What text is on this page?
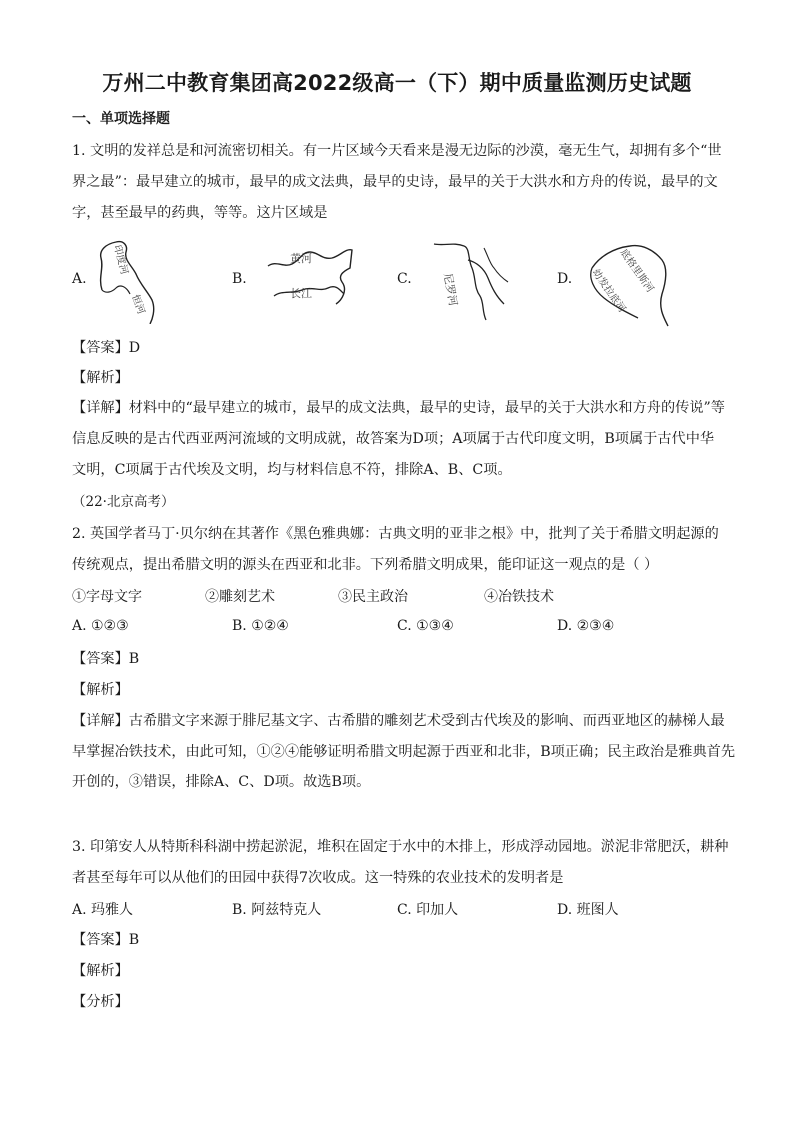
万州二中教育集团高2022级高一（下）期中质量监测历史试题
一、单项选择题
1. 文明的发祥总是和河流密切相关。有一片区域今天看来是漫无边际的沙漠，毫无生气，却拥有多个“世
界之最”：最早建立的城市，最早的成文法典，最早的史诗，最早的关于大洪水和方舟的传说，最早的文
字，甚至最早的药典，等等。这片区域是
A.
印度河
恒河
B.
黄河
长江
C.	尼罗河	D.	底格里斯河
幼发拉底河
【答案】D
【解析】
【详解】材料中的“最早建立的城市，最早的成文法典，最早的史诗，最早的关于大洪水和方舟的传说”等
信息反映的是古代西亚两河流域的文明成就，故答案为D项；A项属于古代印度文明，B项属于古代中华
文明，C项属于古代埃及文明，均与材料信息不符，排除A、B、C项。
（22·北京高考）
2. 英国学者马丁·贝尔纳在其著作《黑色雅典娜：古典文明的亚非之根》中，批判了关于希腊文明起源的
传统观点，提出希腊文明的源头在西亚和北非。下列希腊文明成果，能印证这一观点的是（ ）
①字母文字	②雕刻艺术	③民主政治	④冶铁技术
A. ①②③	B. ①②④	C. ①③④	D. ②③④
【答案】B
【解析】
【详解】古希腊文字来源于腓尼基文字、古希腊的雕刻艺术受到古代埃及的影响、而西亚地区的赫梯人最
早掌握冶铁技术，由此可知，①②④能够证明希腊文明起源于西亚和北非，B项正确；民主政治是雅典首先
开创的，③错误，排除A、C、D项。故选B项。
3. 印第安人从特斯科科湖中捞起淤泥，堆积在固定于水中的木排上，形成浮动园地。淤泥非常肥沃，耕种
者甚至每年可以从他们的田园中获得7次收成。这一特殊的农业技术的发明者是
A. 玛雅人	B. 阿兹特克人	C. 印加人	D. 班图人
【答案】B
【解析】
【分析】
